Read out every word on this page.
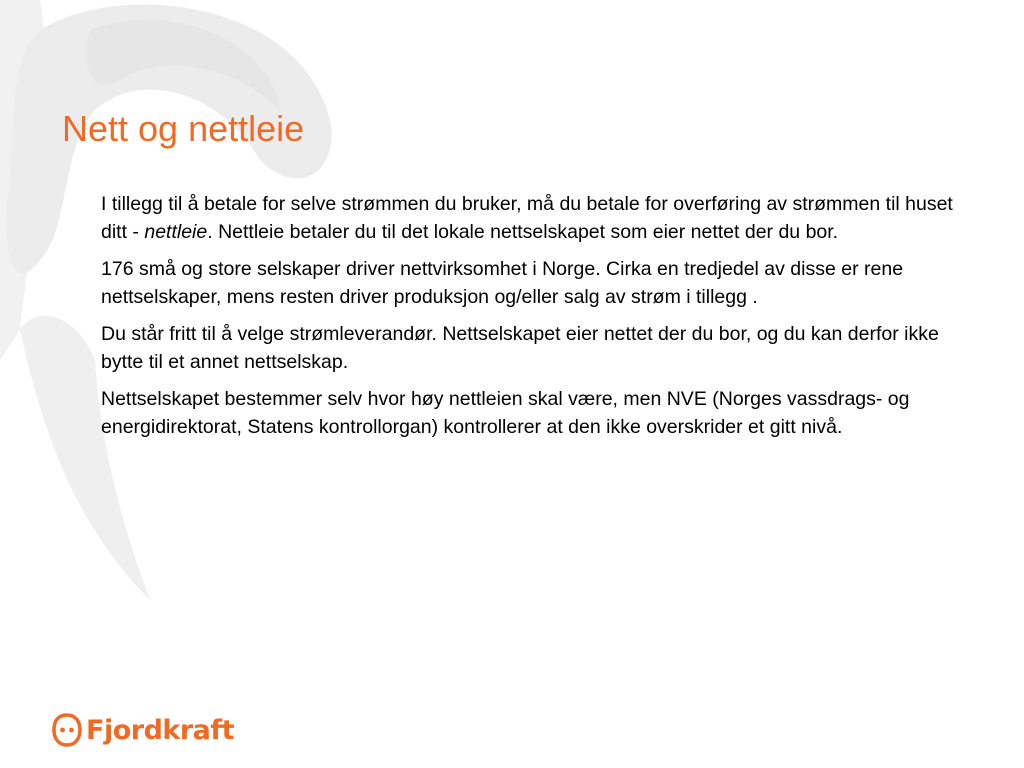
Nett og nettleie

I tillegg til å betale for selve strømmen du bruker, må du betale for overføring av strømmen til huset ditt - nettleie. Nettleie betaler du til det lokale nettselskapet som eier nettet der du bor.

176 små og store selskaper driver nettvirksomhet i Norge. Cirka en tredjedel av disse er rene nettselskaper, mens resten driver produksjon og/eller salg av strøm i tillegg .

Du står fritt til å velge strømleverandør. Nettselskapet eier nettet der du bor, og du kan derfor ikke bytte til et annet nettselskap.

Nettselskapet bestemmer selv hvor høy nettleien skal være, men NVE (Norges vassdrags- og energidirektorat, Statens kontrollorgan) kontrollerer at den ikke overskrider et gitt nivå.

Fjordkraft
